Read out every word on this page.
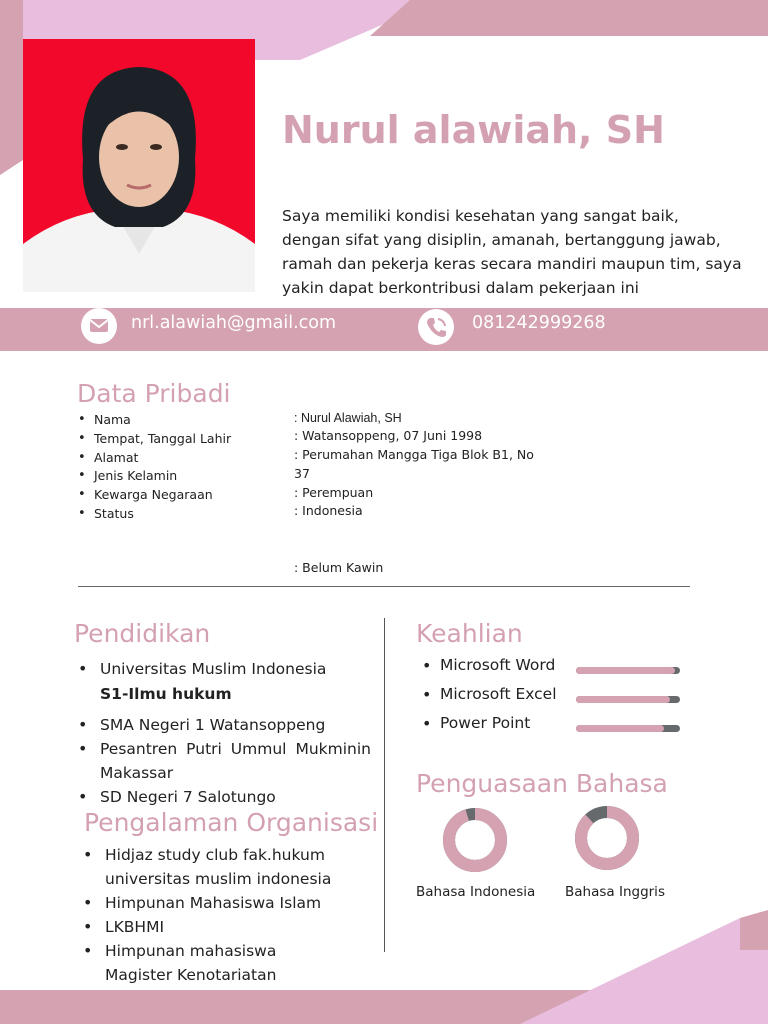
Nurul alawiah, SH
Saya memiliki kondisi kesehatan yang sangat baik, dengan sifat yang disiplin, amanah, bertanggung jawab, ramah dan pekerja keras secara mandiri maupun tim, saya yakin dapat berkontribusi dalam pekerjaan ini
nrl.alawiah@gmail.com	081242999268
Data Pribadi
• Nama
• Tempat, Tanggal Lahir
• Alamat
• Jenis Kelamin
• Kewarga Negaraan
• Status
: Nurul Alawiah, SH
: Watansoppeng, 07 Juni 1998
: Perumahan Mangga Tiga Blok B1, No
37
: Perempuan
: Indonesia
: Belum Kawin
Pendidikan
• Universitas Muslim Indonesia
S1-Ilmu hukum
• SMA Negeri 1 Watansoppeng
• Pesantren Putri Ummul Mukminin Makassar
• SD Negeri 7 Salotungo
Pengalaman Organisasi
• Hidjaz study club fak.hukum universitas muslim indonesia
• Himpunan Mahasiswa Islam
• LKBHMI
• Himpunan mahasiswa Magister Kenotariatan
Keahlian
• Microsoft Word
• Microsoft Excel
• Power Point
Penguasaan Bahasa
Bahasa Indonesia Bahasa Inggris
